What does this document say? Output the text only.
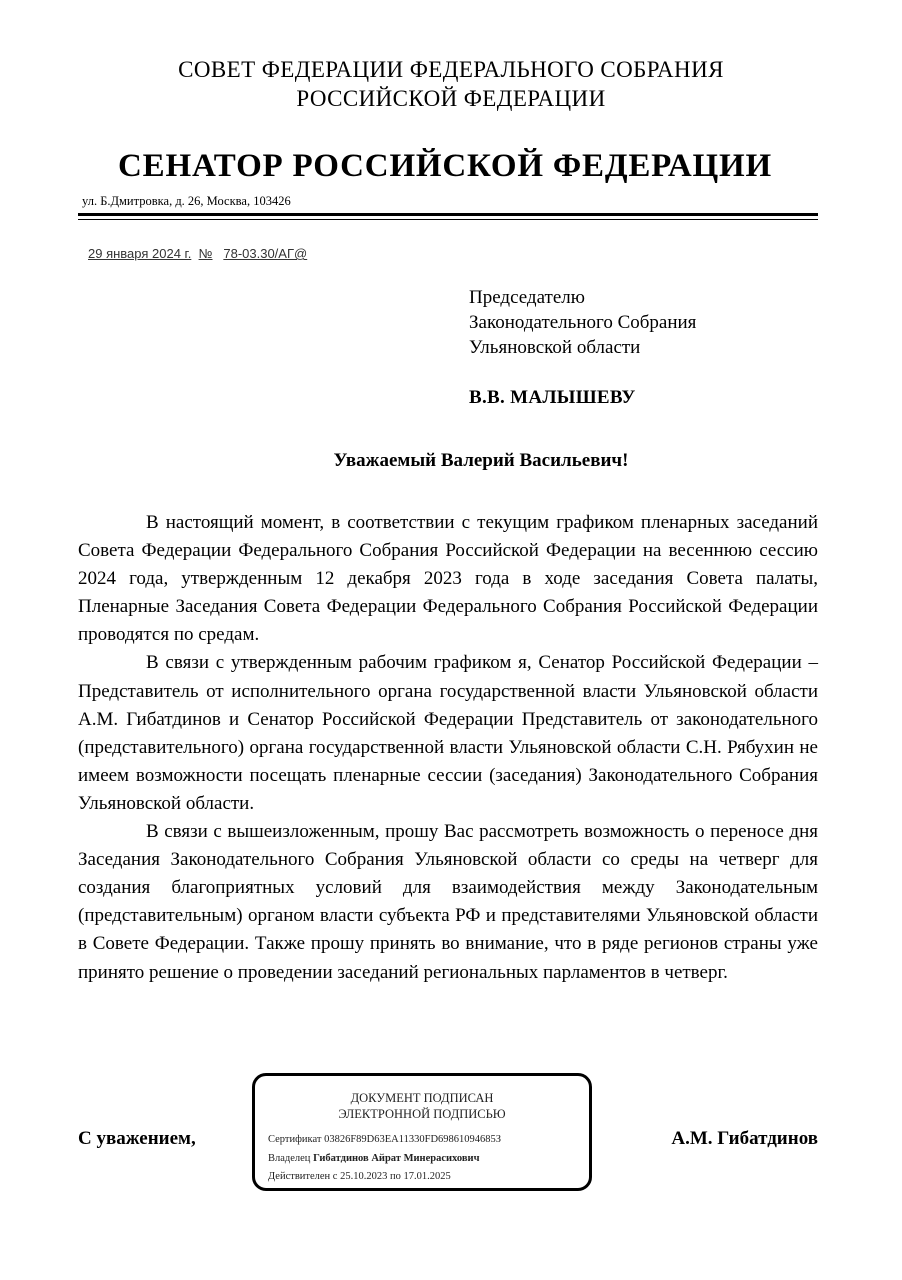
СОВЕТ ФЕДЕРАЦИИ ФЕДЕРАЛЬНОГО СОБРАНИЯ
РОССИЙСКОЙ ФЕДЕРАЦИИ
СЕНАТОР РОССИЙСКОЙ ФЕДЕРАЦИИ
ул. Б.Дмитровка, д. 26, Москва, 103426
29 января 2024 г. № 78-03.30/АГ@
Председателю
Законодательного Собрания
Ульяновской области
В.В. МАЛЫШЕВУ
Уважаемый Валерий Васильевич!

В настоящий момент, в соответствии с текущим графиком пленарных заседаний Совета Федерации Федерального Собрания Российской Федерации на весеннюю сессию 2024 года, утвержденным 12 декабря 2023 года в ходе заседания Совета палаты, Пленарные Заседания Совета Федерации Федерального Собрания Российской Федерации проводятся по средам.

В связи с утвержденным рабочим графиком я, Сенатор Российской Федерации – Представитель от исполнительного органа государственной власти Ульяновской области А.М. Гибатдинов и Сенатор Российской Федерации Представитель от законодательного (представительного) органа государственной власти Ульяновской области С.Н. Рябухин не имеем возможности посещать пленарные сессии (заседания) Законодательного Собрания Ульяновской области.

В связи с вышеизложенным, прошу Вас рассмотреть возможность о переносе дня Заседания Законодательного Собрания Ульяновской области со среды на четверг для создания благоприятных условий для взаимодействия между Законодательным (представительным) органом власти субъекта РФ и представителями Ульяновской области в Совете Федерации. Также прошу принять во внимание, что в ряде регионов страны уже принято решение о проведении заседаний региональных парламентов в четверг.

С уважением,	А.М. Гибатдинов
ДОКУМЕНТ ПОДПИСАН
ЭЛЕКТРОННОЙ ПОДПИСЬЮ
Сертификат 03826F89D63EA11330FD69861094685З
Владелец Гибатдинов Айрат Минерасихович
Действителен с 25.10.2023 по 17.01.2025
